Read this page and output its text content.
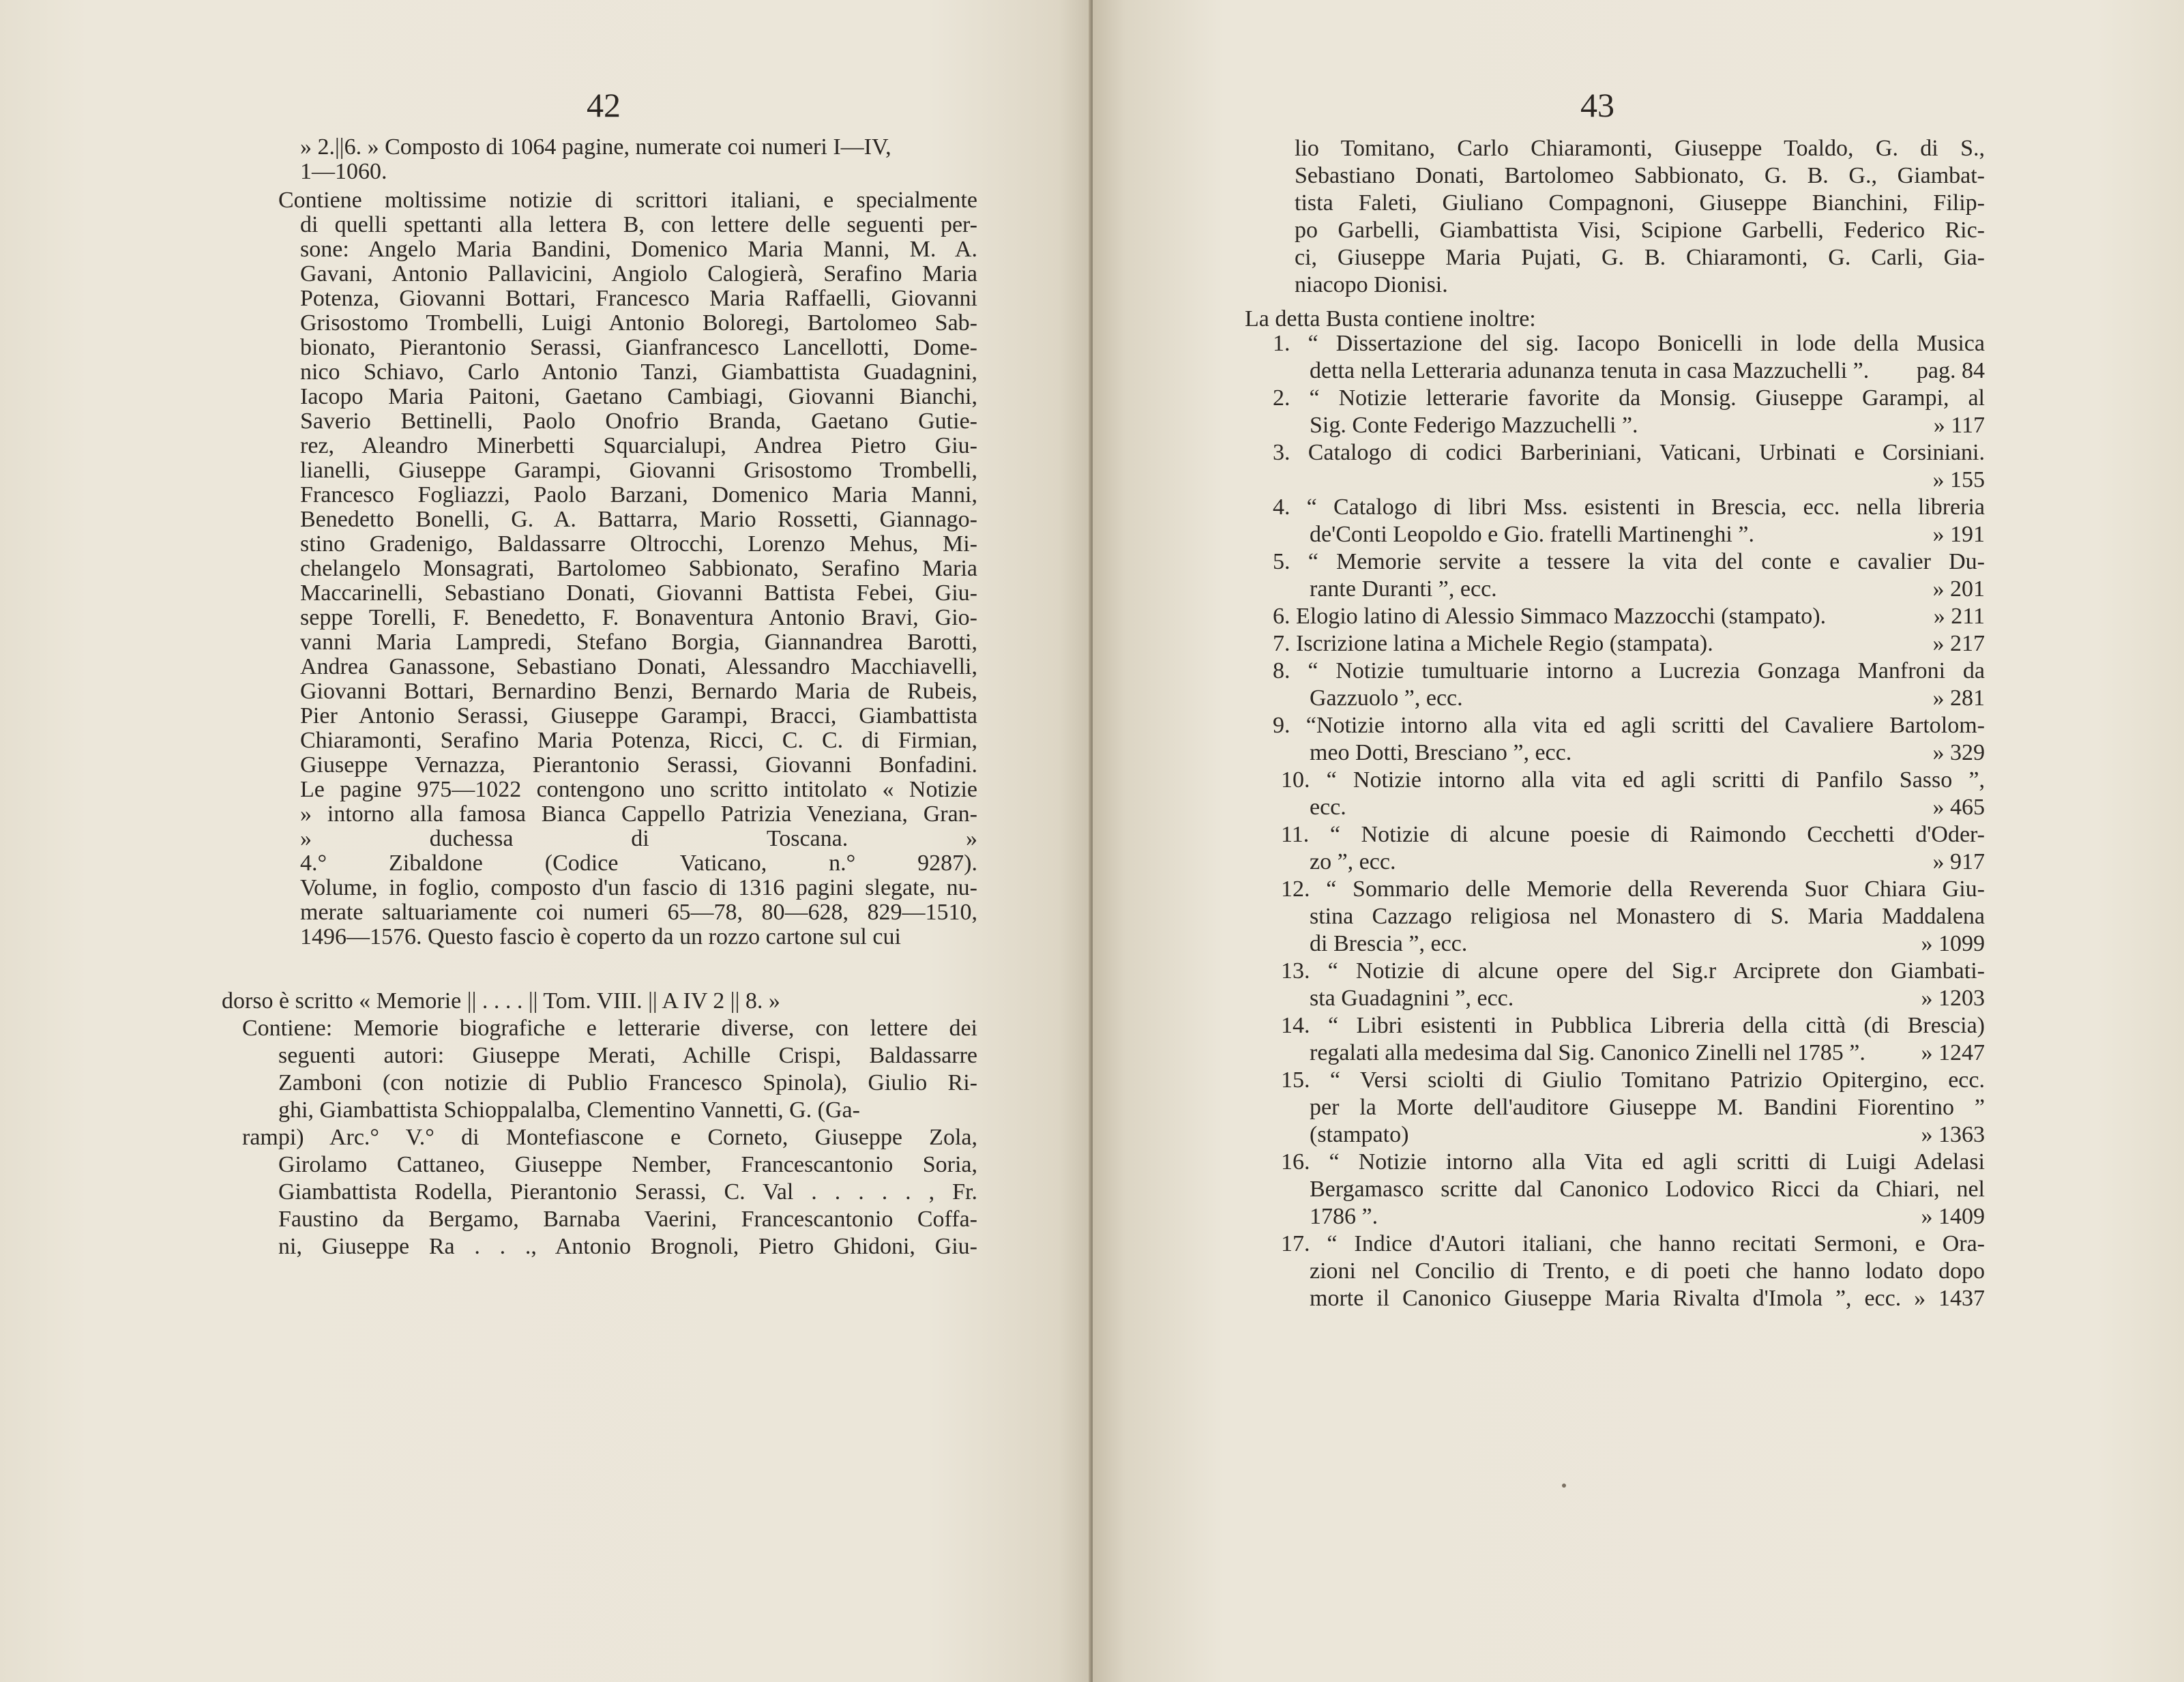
42
» 2.||6. » Composto di 1064 pagine, numerate coi numeri I—IV,
1—1060.
Contiene moltissime notizie di scrittori italiani, e specialmente
di quelli spettanti alla lettera B, con lettere delle seguenti per-
sone: Angelo Maria Bandini, Domenico Maria Manni, M. A.
Gavani, Antonio Pallavicini, Angiolo Calogierà, Serafino Maria
Potenza, Giovanni Bottari, Francesco Maria Raffaelli, Giovanni
Grisostomo Trombelli, Luigi Antonio Boloregi, Bartolomeo Sab-
bionato, Pierantonio Serassi, Gianfrancesco Lancellotti, Dome-
nico Schiavo, Carlo Antonio Tanzi, Giambattista Guadagnini,
Iacopo Maria Paitoni, Gaetano Cambiagi, Giovanni Bianchi,
Saverio Bettinelli, Paolo Onofrio Branda, Gaetano Gutie-
rez, Aleandro Minerbetti Squarcialupi, Andrea Pietro Giu-
lianelli, Giuseppe Garampi, Giovanni Grisostomo Trombelli,
Francesco Fogliazzi, Paolo Barzani, Domenico Maria Manni,
Benedetto Bonelli, G. A. Battarra, Mario Rossetti, Giannago-
stino Gradenigo, Baldassarre Oltrocchi, Lorenzo Mehus, Mi-
chelangelo Monsagrati, Bartolomeo Sabbionato, Serafino Maria
Maccarinelli, Sebastiano Donati, Giovanni Battista Febei, Giu-
seppe Torelli, F. Benedetto, F. Bonaventura Antonio Bravi, Gio-
vanni Maria Lampredi, Stefano Borgia, Giannandrea Barotti,
Andrea Ganassone, Sebastiano Donati, Alessandro Macchiavelli,
Giovanni Bottari, Bernardino Benzi, Bernardo Maria de Rubeis,
Pier Antonio Serassi, Giuseppe Garampi, Bracci, Giambattista
Chiaramonti, Serafino Maria Potenza, Ricci, C. C. di Firmian,
Giuseppe Vernazza, Pierantonio Serassi, Giovanni Bonfadini.
Le pagine 975—1022 contengono uno scritto intitolato « Notizie
» intorno alla famosa Bianca Cappello Patrizia Veneziana, Gran-
» duchessa di Toscana. »
4.° Zibaldone (Codice Vaticano, n.° 9287).
Volume, in foglio, composto d'un fascio di 1316 pagini slegate, nu-
merate saltuariamente coi numeri 65—78, 80—628, 829—1510,
1496—1576. Questo fascio è coperto da un rozzo cartone sul cui
dorso è scritto « Memorie || . . . . || Tom. VIII. || A IV 2 || 8. »
Contiene: Memorie biografiche e letterarie diverse, con lettere dei
seguenti autori: Giuseppe Merati, Achille Crispi, Baldassarre
Zamboni (con notizie di Publio Francesco Spinola), Giulio Ri-
ghi, Giambattista Schioppalalba, Clementino Vannetti, G. (Ga-
rampi) Arc.° V.° di Montefiascone e Corneto, Giuseppe Zola,
Girolamo Cattaneo, Giuseppe Nember, Francescantonio Soria,
Giambattista Rodella, Pierantonio Serassi, C. Val . . . . . , Fr.
Faustino da Bergamo, Barnaba Vaerini, Francescantonio Coffa-
ni, Giuseppe Ra . . ., Antonio Brognoli, Pietro Ghidoni, Giu-
43
lio Tomitano, Carlo Chiaramonti, Giuseppe Toaldo, G. di S.,
Sebastiano Donati, Bartolomeo Sabbionato, G. B. G., Giambat-
tista Faleti, Giuliano Compagnoni, Giuseppe Bianchini, Filip-
po Garbelli, Giambattista Visi, Scipione Garbelli, Federico Ric-
ci, Giuseppe Maria Pujati, G. B. Chiaramonti, G. Carli, Gia-
niacopo Dionisi.
La detta Busta contiene inoltre:
1. “ Dissertazione del sig. Iacopo Bonicelli in lode della Musica
detta nella Letteraria adunanza tenuta in casa Mazzuchelli ”.	pag. 84
2. “ Notizie letterarie favorite da Monsig. Giuseppe Garampi, al
Sig. Conte Federigo Mazzuchelli ”.	» 117
3. Catalogo di codici Barberiniani, Vaticani, Urbinati e Corsiniani.
» 155
4. “ Catalogo di libri Mss. esistenti in Brescia, ecc. nella libreria
de'Conti Leopoldo e Gio. fratelli Martinenghi ”.	» 191
5. “ Memorie servite a tessere la vita del conte e cavalier Du-
rante Duranti ”, ecc.	» 201
6. Elogio latino di Alessio Simmaco Mazzocchi (stampato).	» 211
7. Iscrizione latina a Michele Regio (stampata).	» 217
8. “ Notizie tumultuarie intorno a Lucrezia Gonzaga Manfroni da
Gazzuolo ”, ecc.	» 281
9. “Notizie intorno alla vita ed agli scritti del Cavaliere Bartolom-
meo Dotti, Bresciano ”, ecc.	» 329
10. “ Notizie intorno alla vita ed agli scritti di Panfilo Sasso ”,
ecc.	» 465
11. “ Notizie di alcune poesie di Raimondo Cecchetti d'Oder-
zo ”, ecc.	» 917
12. “ Sommario delle Memorie della Reverenda Suor Chiara Giu-
stina Cazzago religiosa nel Monastero di S. Maria Maddalena
di Brescia ”, ecc.	» 1099
13. “ Notizie di alcune opere del Sig.r Arciprete don Giambati-
sta Guadagnini ”, ecc.	» 1203
14. “ Libri esistenti in Pubblica Libreria della città (di Brescia)
regalati alla medesima dal Sig. Canonico Zinelli nel 1785 ”.	» 1247
15. “ Versi sciolti di Giulio Tomitano Patrizio Opitergino, ecc.
per la Morte dell'auditore Giuseppe M. Bandini Fiorentino ”
(stampato)	» 1363
16. “ Notizie intorno alla Vita ed agli scritti di Luigi Adelasi
Bergamasco scritte dal Canonico Lodovico Ricci da Chiari, nel
1786 ”.	» 1409
17. “ Indice d'Autori italiani, che hanno recitati Sermoni, e Ora-
zioni nel Concilio di Trento, e di poeti che hanno lodato dopo
morte il Canonico Giuseppe Maria Rivalta d'Imola ”, ecc. » 1437
